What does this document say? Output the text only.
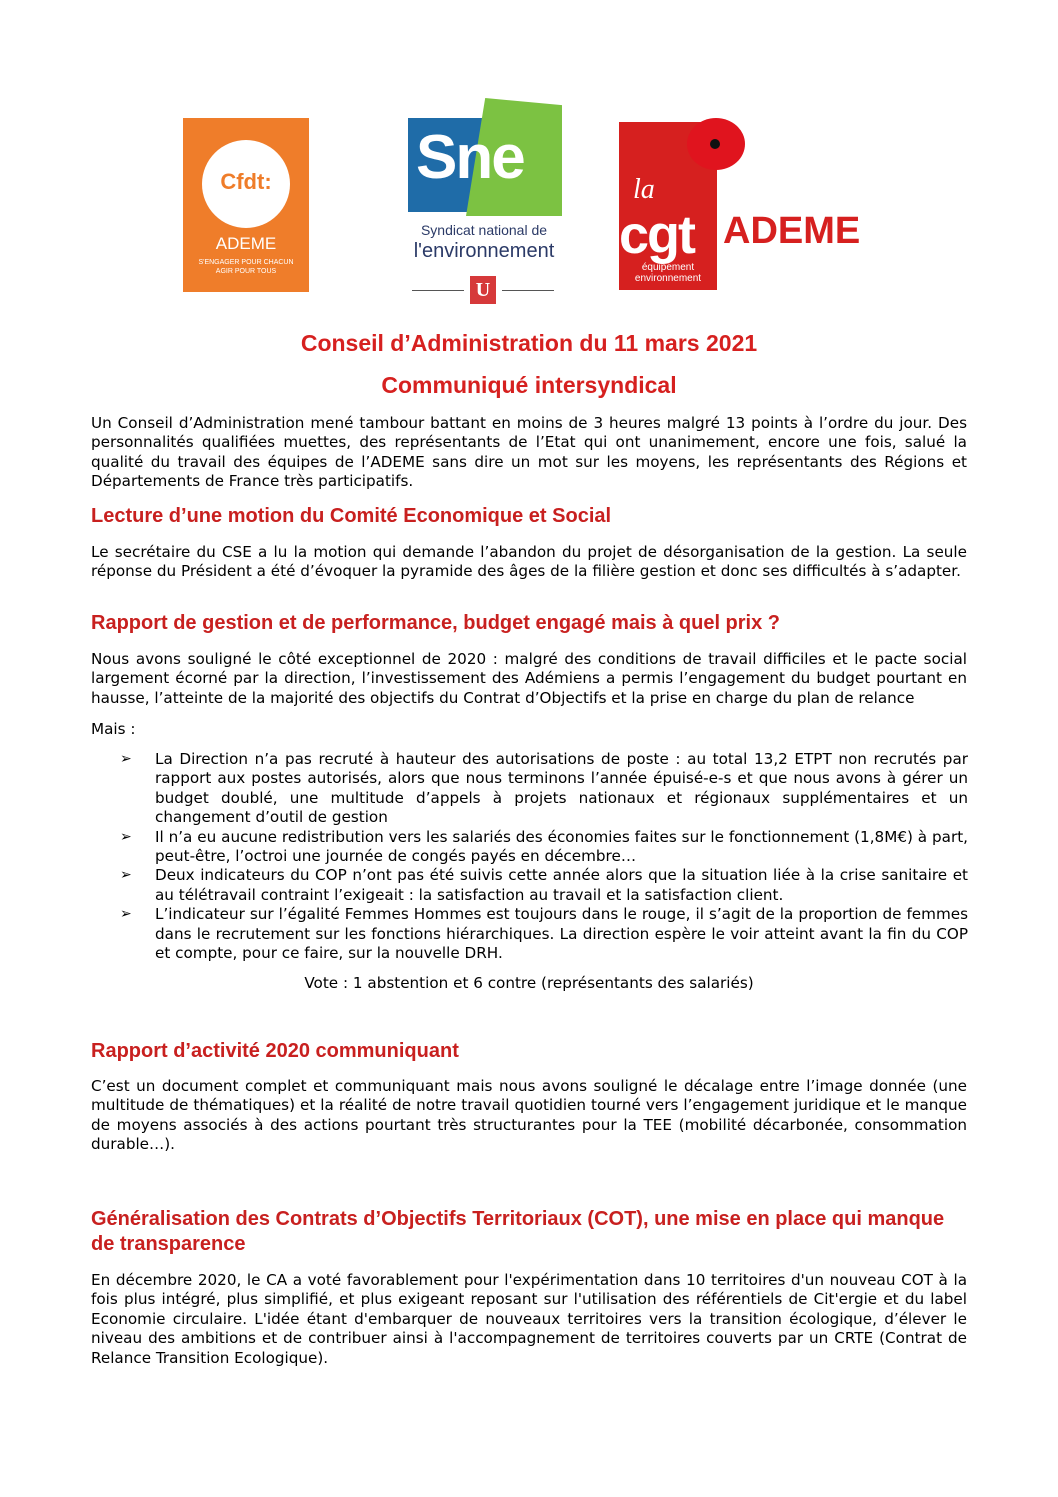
Cfdt:
ADEME
S'ENGAGER POUR CHACUN
AGIR POUR TOUS
Sne
Syndicat national de
l'environnement
U
la
cgt
équipement
environnement
ADEME
Conseil d’Administration du 11 mars 2021
Communiqué intersyndical

Un Conseil d’Administration mené tambour battant en moins de 3 heures malgré 13 points à l’ordre du jour. Des personnalités qualifiées muettes, des représentants de l’Etat qui ont unanimement, encore une fois, salué la qualité du travail des équipes de l’ADEME sans dire un mot sur les moyens, les représentants des Régions et Départements de France très participatifs.

Lecture d’une motion du Comité Economique et Social

Le secrétaire du CSE a lu la motion qui demande l’abandon du projet de désorganisation de la gestion. La seule réponse du Président a été d’évoquer la pyramide des âges de la filière gestion et donc ses difficultés à s’adapter.

Rapport de gestion et de performance, budget engagé mais à quel prix ?

Nous avons souligné le côté exceptionnel de 2020 : malgré des conditions de travail difficiles et le pacte social largement écorné par la direction, l’investissement des Adémiens a permis l’engagement du budget pourtant en hausse, l’atteinte de la majorité des objectifs du Contrat d’Objectifs et la prise en charge du plan de relance

Mais :

➢ La Direction n’a pas recruté à hauteur des autorisations de poste : au total 13,2 ETPT non recrutés par rapport aux postes autorisés, alors que nous terminons l’année épuisé-e-s et que nous avons à gérer un budget doublé, une multitude d’appels à projets nationaux et régionaux supplémentaires et un changement d’outil de gestion
➢ Il n’a eu aucune redistribution vers les salariés des économies faites sur le fonctionnement (1,8M€) à part, peut-être, l’octroi une journée de congés payés en décembre…
➢ Deux indicateurs du COP n’ont pas été suivis cette année alors que la situation liée à la crise sanitaire et au télétravail contraint l’exigeait : la satisfaction au travail et la satisfaction client.
➢ L’indicateur sur l’égalité Femmes Hommes est toujours dans le rouge, il s’agit de la proportion de femmes dans le recrutement sur les fonctions hiérarchiques. La direction espère le voir atteint avant la fin du COP et compte, pour ce faire, sur la nouvelle DRH.
Vote : 1 abstention et 6 contre (représentants des salariés)
Rapport d’activité 2020 communiquant

C’est un document complet et communiquant mais nous avons souligné le décalage entre l’image donnée (une multitude de thématiques) et la réalité de notre travail quotidien tourné vers l’engagement juridique et le manque de moyens associés à des actions pourtant très structurantes pour la TEE (mobilité décarbonée, consommation durable…).

Généralisation des Contrats d’Objectifs Territoriaux (COT), une mise en place qui manque de transparence

En décembre 2020, le CA a voté favorablement pour l'expérimentation dans 10 territoires d'un nouveau COT à la fois plus intégré, plus simplifié, et plus exigeant reposant sur l'utilisation des référentiels de Cit'ergie et du label Economie circulaire. L'idée étant d'embarquer de nouveaux territoires vers la transition écologique, d’élever le niveau des ambitions et de contribuer ainsi à l'accompagnement de territoires couverts par un CRTE (Contrat de Relance Transition Ecologique).
